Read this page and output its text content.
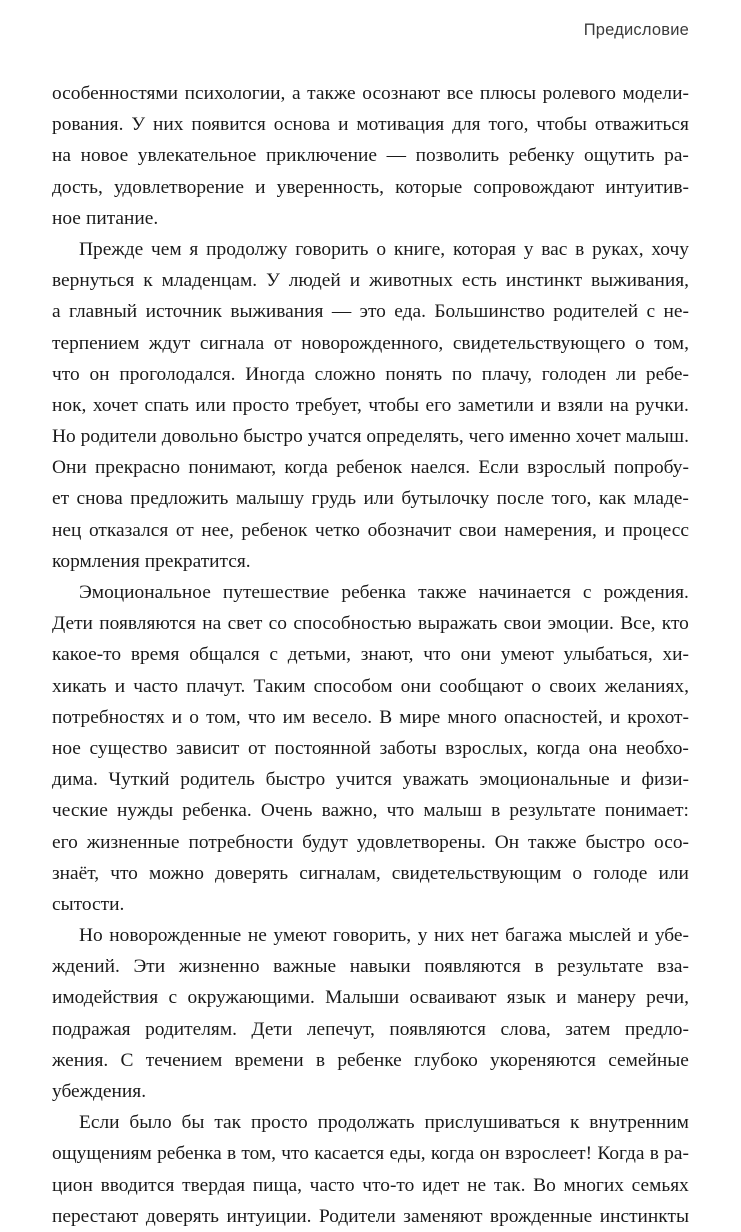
Предисловие
особенностями психологии, а также осознают все плюсы ролевого модели-
рования. У них появится основа и мотивация для того, чтобы отважиться
на новое увлекательное приключение — позволить ребенку ощутить ра-
дость, удовлетворение и уверенность, которые сопровождают интуитив-
ное питание.
Прежде чем я продолжу говорить о книге, которая у вас в руках, хочу
вернуться к младенцам. У людей и животных есть инстинкт выживания,
а главный источник выживания — это еда. Большинство родителей с не-
терпением ждут сигнала от новорожденного, свидетельствующего о том,
что он проголодался. Иногда сложно понять по плачу, голоден ли ребе-
нок, хочет спать или просто требует, чтобы его заметили и взяли на ручки.
Но родители довольно быстро учатся определять, чего именно хочет малыш.
Они прекрасно понимают, когда ребенок наелся. Если взрослый попробу-
ет снова предложить малышу грудь или бутылочку после того, как младе-
нец отказался от нее, ребенок четко обозначит свои намерения, и процесс
кормления прекратится.
Эмоциональное путешествие ребенка также начинается с рождения.
Дети появляются на свет со способностью выражать свои эмоции. Все, кто
какое-то время общался с детьми, знают, что они умеют улыбаться, хи-
хикать и часто плачут. Таким способом они сообщают о своих желаниях,
потребностях и о том, что им весело. В мире много опасностей, и крохот-
ное существо зависит от постоянной заботы взрослых, когда она необхо-
дима. Чуткий родитель быстро учится уважать эмоциональные и физи-
ческие нужды ребенка. Очень важно, что малыш в результате понимает:
его жизненные потребности будут удовлетворены. Он также быстро осо-
знаёт, что можно доверять сигналам, свидетельствующим о голоде или
сытости.
Но новорожденные не умеют говорить, у них нет багажа мыслей и убе-
ждений. Эти жизненно важные навыки появляются в результате вза-
имодействия с окружающими. Малыши осваивают язык и манеру речи,
подражая родителям. Дети лепечут, появляются слова, затем предло-
жения. С течением времени в ребенке глубоко укореняются семейные
убеждения.
Если было бы так просто продолжать прислушиваться к внутренним
ощущениям ребенка в том, что касается еды, когда он взрослеет! Когда в ра-
цион вводится твердая пища, часто что-то идет не так. Во многих семьях
перестают доверять интуиции. Родители заменяют врожденные инстинкты
